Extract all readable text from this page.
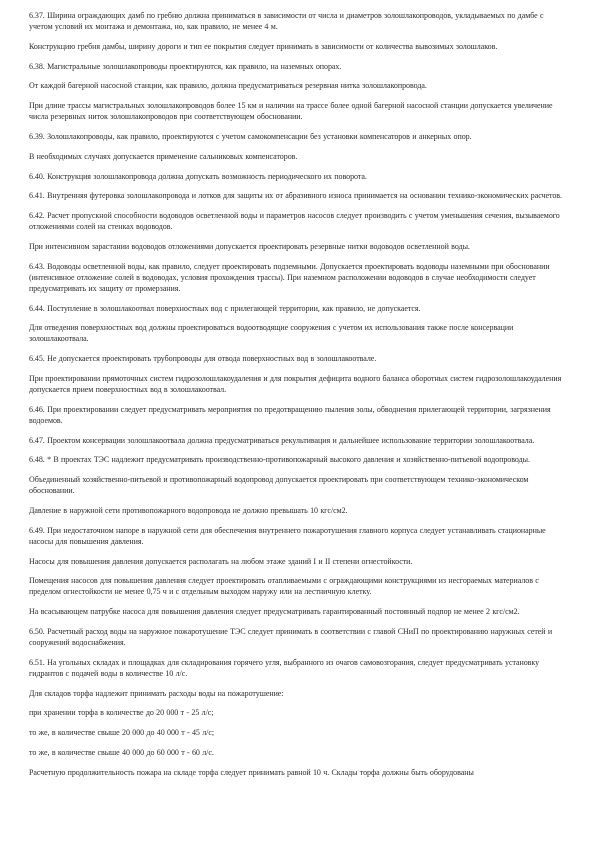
6.37. Ширина ограждающих дамб по гребню должна приниматься в зависимости от числа и диаметров золошлакопроводов, укладываемых по дамбе с учетом условий их монтажа и демонтажа, но, как правило, не менее 4 м.

Конструкцию гребня дамбы, ширину дороги и тип ее покрытия следует принимать в зависимости от количества вывозимых золошлаков.

6.38. Магистральные золошлакопроводы проектируются, как правило, на наземных опорах.

От каждой багерной насосной станции, как правило, должна предусматриваться резервная нитка золошлакопровода.

При длине трассы магистральных золошлакопроводов более 15 км и наличии на трассе более одной багерной насосной станции допускается увеличение числа резервных ниток золошлакопроводов при соответствующем обосновании.

6.39. Золошлакопроводы, как правило, проектируются с учетом самокомпенсации без установки компенсаторов и анкерных опор.

В необходимых случаях допускается применение сальниковых компенсаторов.

6.40. Конструкция золошлакопровода должна допускать возможность периодического их поворота.

6.41. Внутренняя футеровка золошлакопровода и лотков для защиты их от абразивного износа принимается на основании технико-экономических расчетов.

6.42. Расчет пропускной способности водоводов осветленной воды и параметров насосов следует производить с учетом уменьшения сечения, вызываемого отложениями солей на стенках водоводов.

При интенсивном зарастании водоводов отложениями допускается проектировать резервные нитки водоводов осветленной воды.

6.43. Водоводы осветленной воды, как правило, следует проектировать подземными. Допускается проектировать водоводы наземными при обосновании (интенсивное отложение солей в водоводах, условия прохождения трассы). При наземном расположении водоводов в случае необходимости следует предусматривать их защиту от промерзания.

6.44. Поступление в золошлакоотвал поверхностных вод с прилегающей территории, как правило, не допускается.

Для отведения поверхностных вод должны проектироваться водоотводящие сооружения с учетом их использования также после консервации золошлакоотвала.

6.45. Не допускается проектировать трубопроводы для отвода поверхностных вод в золошлакоотвале.

При проектировании прямоточных систем гидрозолошлакоудаления и для покрытия дефицита водного баланса оборотных систем гидрозолошлакоудаления допускается прием поверхностных вод в золошлакоотвал.

6.46. При проектировании следует предусматривать мероприятия по предотвращению пыления золы, обводнения прилегающей территории, загрязнения водоемов.

6.47. Проектом консервации золошлакоотвала должна предусматриваться рекультивация и дальнейшее использование территории золошлакоотвала.

6.48. * В проектах ТЭС надлежит предусматривать производственно-противопожарный высокого давления и хозяйственно-питьевой водопроводы.

Объединенный хозяйственно-питьевой и противопожарный водопровод допускается проектировать при соответствующем технико-экономическом обосновании.

Давление в наружной сети противопожарного водопровода не должно превышать 10 кгс/см2.

6.49. При недостаточном напоре в наружной сети для обеспечения внутреннего пожаротушения главного корпуса следует устанавливать стационарные насосы для повышения давления.

Насосы для повышения давления допускается располагать на любом этаже зданий I и II степени огнестойкости.

Помещения насосов для повышения давления следует проектировать отапливаемыми с ограждающими конструкциями из несгораемых материалов с пределом огнестойкости не менее 0,75 ч и с отдельным выходом наружу или на лестничную клетку.

На всасывающем патрубке насоса для повышения давления следует предусматривать гарантированный постоянный подпор не менее 2 кгс/см2.

6.50. Расчетный расход воды на наружное пожаротушение ТЭС следует принимать в соответствии с главой СНиП по проектированию наружных сетей и сооружений водоснабжения.

6.51. На угольных складах и площадках для складирования горячего угля, выбранного из очагов самовозгорания, следует предусматривать установку гидрантов с подачей воды в количестве 10 л/с.

Для складов торфа надлежит принимать расходы воды на пожаротушение:

при хранении торфа в количестве до 20 000 т - 25 л/с;

то же, в количестве свыше 20 000 до 40 000 т - 45 л/с;

то же, в количестве свыше 40 000 до 60 000 т - 60 л/с.

Расчетную продолжительность пожара на складе торфа следует принимать равной 10 ч. Склады торфа должны быть оборудованы
